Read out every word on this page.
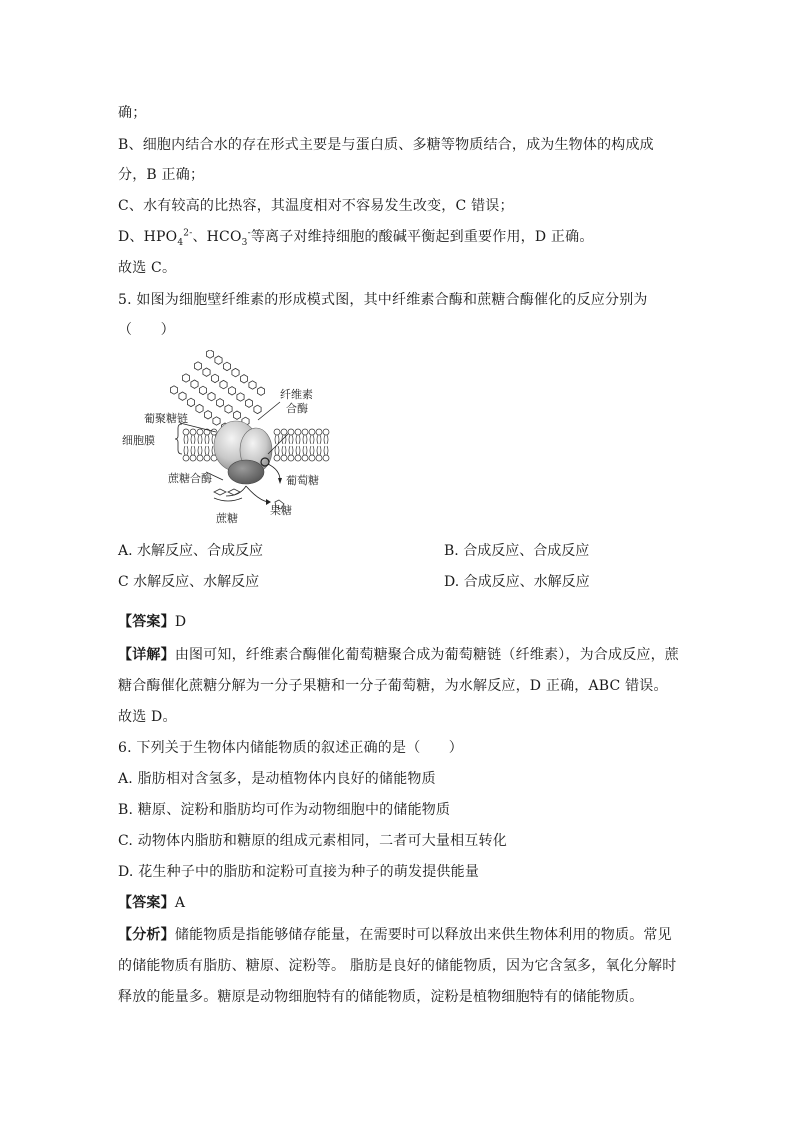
确；
B、细胞内结合水的存在形式主要是与蛋白质、多糖等物质结合，成为生物体的构成成
分，B 正确；
C、水有较高的比热容，其温度相对不容易发生改变，C 错误；
D、$HPO_4^{2-}$、$HCO_3^-$等离子对维持细胞的酸碱平衡起到重要作用，D 正确。
故选 C。
5. 如图为细胞壁纤维素的形成模式图，其中纤维素合酶和蔗糖合酶催化的反应分别为
（　　）
纤维素
合酶
葡聚糖链
细胞膜
蔗糖合酶	葡萄糖
蔗糖
果糖
A. 水解反应、合成反应	B. 合成反应、合成反应
C 水解反应、水解反应	D. 合成反应、水解反应
【答案】D
【详解】由图可知，纤维素合酶催化葡萄糖聚合成为葡萄糖链（纤维素），为合成反应，蔗
糖合酶催化蔗糖分解为一分子果糖和一分子葡萄糖，为水解反应，D 正确，ABC 错误。
故选 D。
6. 下列关于生物体内储能物质的叙述正确的是（　　）
A. 脂肪相对含氢多，是动植物体内良好的储能物质
B. 糖原、淀粉和脂肪均可作为动物细胞中的储能物质
C. 动物体内脂肪和糖原的组成元素相同，二者可大量相互转化
D. 花生种子中的脂肪和淀粉可直接为种子的萌发提供能量
【答案】A
【分析】储能物质是指能够储存能量，在需要时可以释放出来供生物体利用的物质。常见
的储能物质有脂肪、糖原、淀粉等。 脂肪是良好的储能物质，因为它含氢多，氧化分解时
释放的能量多。糖原是动物细胞特有的储能物质，淀粉是植物细胞特有的储能物质。
